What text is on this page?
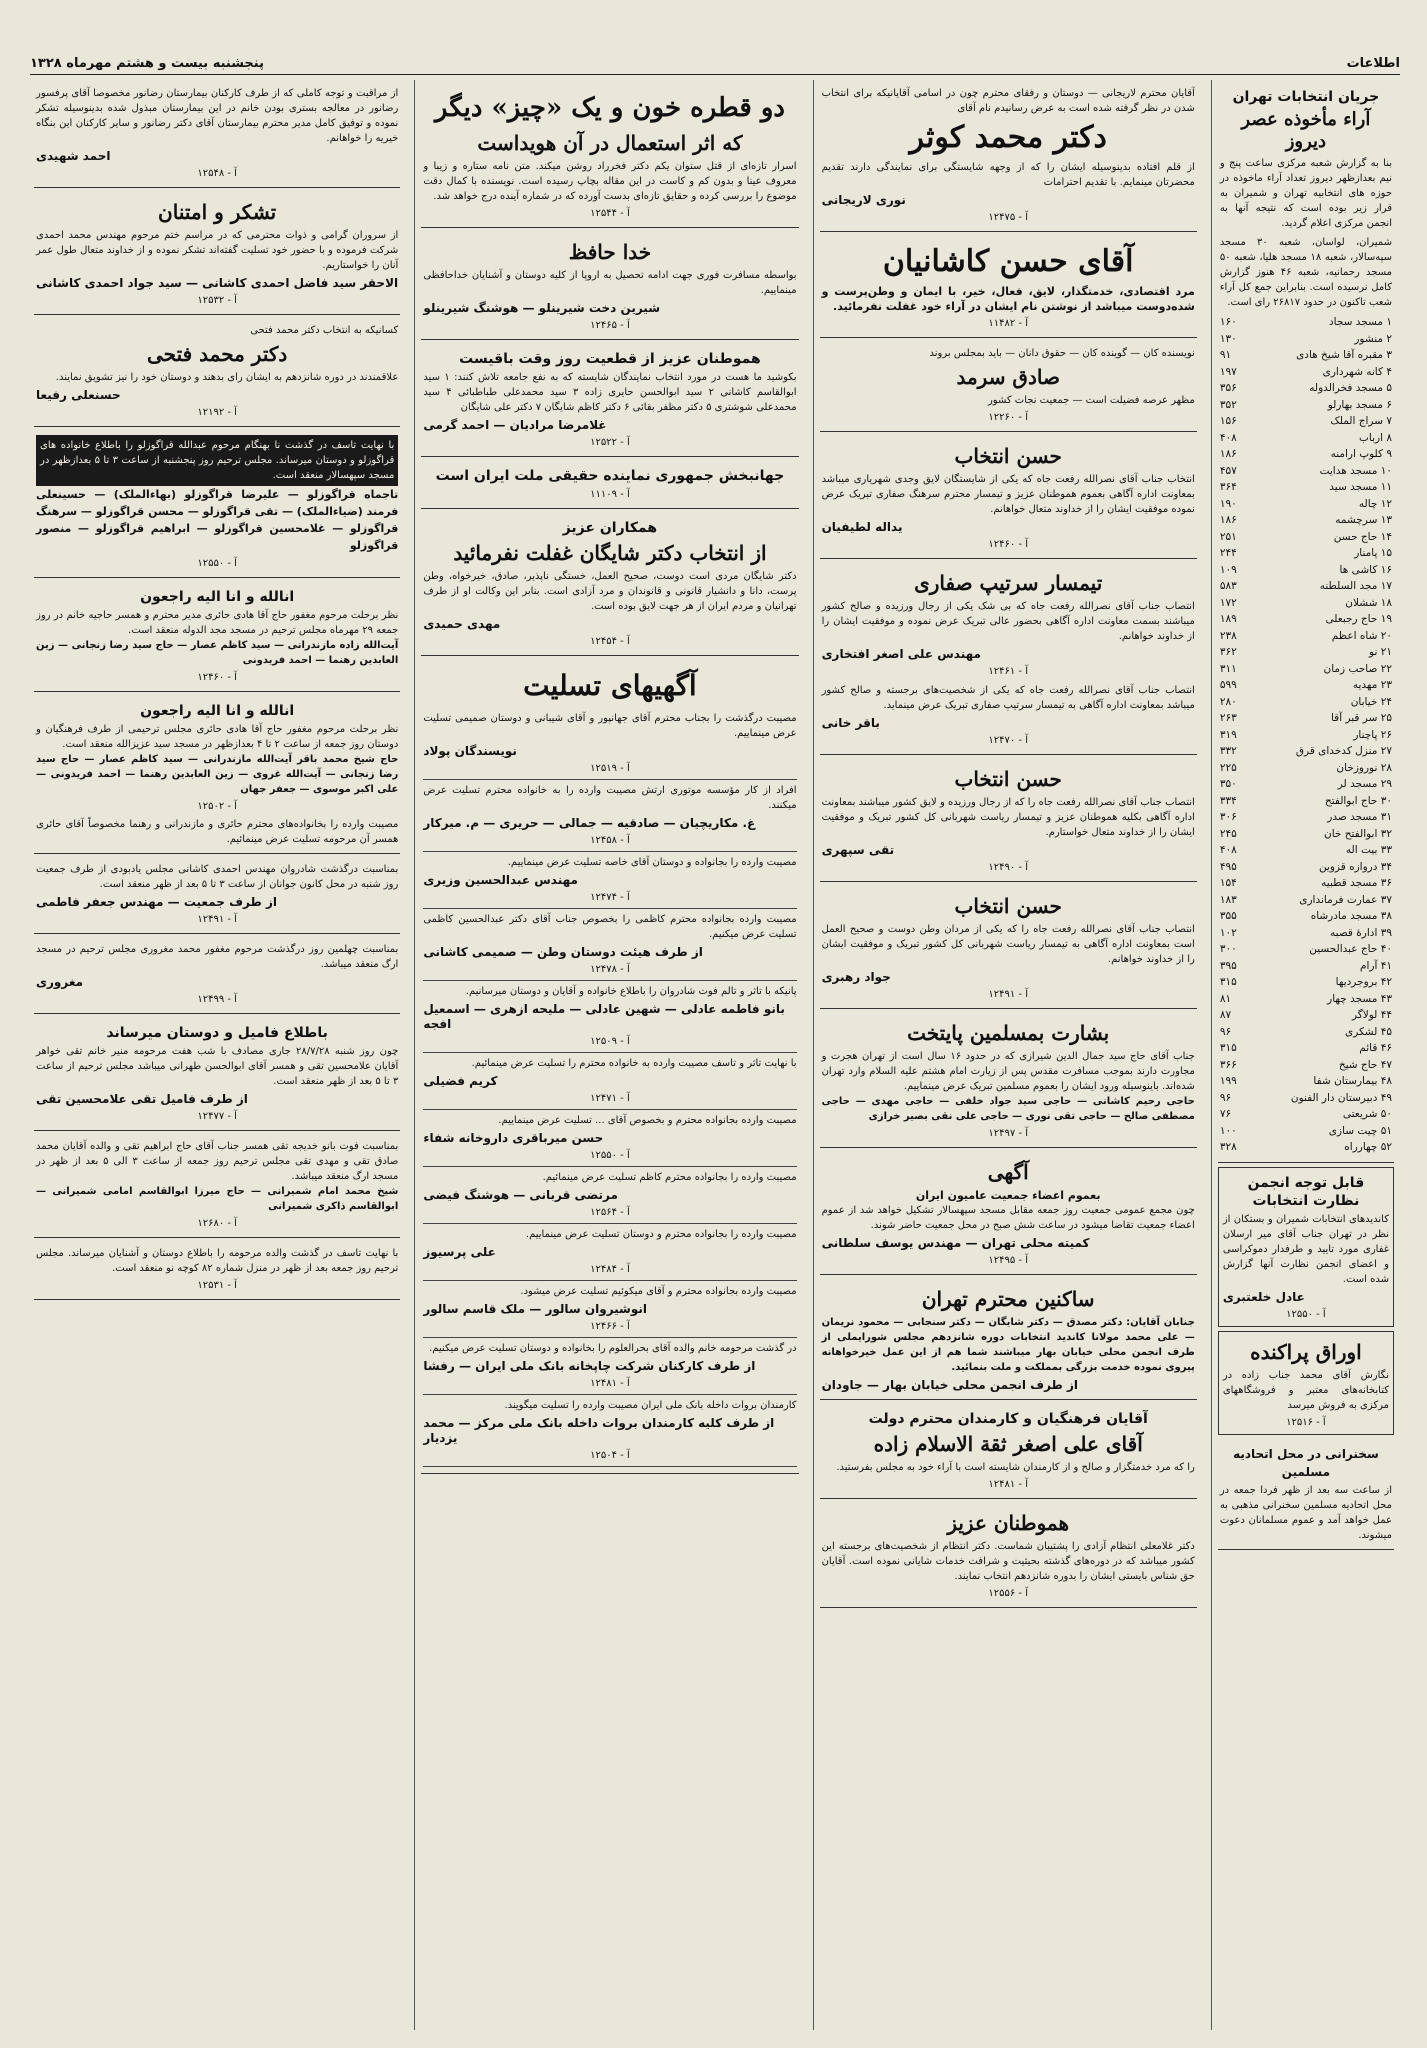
اطلاعات
پنجشنبه بیست و هشتم مهرماه ۱۳۲۸
جریان انتخابات تهران
آراء مأخوذه عصر دیروز
بنا به گزارش شعبه مرکزی ساعت پنج و نیم بعدازظهر دیروز تعداد آراء ماخوذه در حوزه های انتخابیه تهران و شمیران به قرار زیر بوده است که نتیجه آنها به انجمن مرکزی اعلام گردید.
شمیران، لواسان، شعبه ۳۰ مسجد سپه‌سالار، شعبه ۱۸ مسجد هلیا، شعبه ۵۰ مسجد رحمانیه، شعبه ۴۶ هنوز گزارش کامل نرسیده است. بنابراین جمع کل آراء شعب تاکنون در حدود ۲۶۸۱۷ رای است.
۱ مسجد سجاد
۱۶۰
۲ منشور
۱۳۰
۳ مقبره آقا شیخ هادی
۹۱
۴ کانه شهرداری
۱۹۷
۵ مسجد فخرالدوله
۳۵۶
۶ مسجد بهارلو
۳۵۲
۷ سراج الملک
۱۵۶
۸ ارباب
۴۰۸
۹ کلوپ ارامنه
۱۸۶
۱۰ مسجد هدایت
۴۵۷
۱۱ مسجد سید
۳۶۴
۱۲ چاله
۱۹۰
۱۳ سرچشمه
۱۸۶
۱۴ حاج حسن
۲۵۱
۱۵ پامنار
۲۴۴
۱۶ کاشی ها
۱۰۹
۱۷ مجد السلطنه
۵۸۳
۱۸ ششلان
۱۷۲
۱۹ حاج رجبعلی
۱۸۹
۲۰ شاه اعظم
۲۳۸
۲۱ نو
۳۶۲
۲۲ صاحب زمان
۳۱۱
۲۳ مهدیه
۵۹۹
۲۴ خیابان
۲۸۰
۲۵ سر قبر آقا
۲۶۳
۲۶ پاچنار
۳۱۹
۲۷ منزل کدخدای قرق
۳۳۲
۲۸ نوروزخان
۲۲۵
۲۹ مسجد لر
۳۵۰
۳۰ حاج ابوالفتح
۳۳۴
۳۱ مسجد صدر
۳۰۶
۳۲ ابوالفتح خان
۲۴۵
۳۳ بیت اله
۴۰۸
۳۴ دروازه قزوین
۴۹۵
۳۶ مسجد قطبیه
۱۵۴
۳۷ عمارت فرمانداری
۱۸۳
۳۸ مسجد مادرشاه
۳۵۵
۳۹ ادارۀ قصبه
۱۰۲
۴۰ حاج عبدالحسین
۳۰۰
۴۱ آرام
۳۹۵
۴۲ بروجردیها
۳۱۵
۴۳ مسجد چهار
۸۱
۴۴ لولاگر
۸۷
۴۵ لشکری
۹۶
۴۶ قائم
۳۱۵
۴۷ حاج شیخ
۳۶۶
۴۸ بیمارستان شفا
۱۹۹
۴۹ دبیرستان دار الفنون
۹۶
۵۰ شریعتی
۷۶
۵۱ چیت سازی
۱۰۰
۵۲ چهارراه
۳۲۸
قابل توجه انجمن نظارت انتخابات
کاندیدهای انتخابات شمیران و بستکان از نظر در تهران جناب آقای میر ارسلان غفاری مورد تایید و طرفدار دموکراسی و اعضای انجمن نظارت آنها گزارش شده است.
عادل خلعتبری
آ - ۱۲۵۵۰
اوراق پراکنده
نگارش آقای محمد جناب زاده در کتابخانه‌های معتبر و فروشگاههای مرکزی به فروش میرسد
آ - ۱۲۵۱۶
سخنرانی در محل اتحادیه مسلمین
از ساعت سه بعد از ظهر فردا جمعه در محل اتحادیه مسلمین سخنرانی مذهبی به عمل خواهد آمد و عموم مسلمانان دعوت میشوند.
آقایان محترم لاریجانی — دوستان و رفقای محترم چون در اسامی آقایانیکه برای انتخاب شدن در نظر گرفته شده است به عرض رسانیدم نام آقای
دکتر محمد کوثر
از قلم افتاده بدینوسیله ایشان را که از وجهه شایستگی برای نمایندگی دارند تقدیم محضرتان مینمایم. با تقدیم احترامات
نوری لاریجانی
آ - ۱۲۴۷۵
آقای حسن کاشانیان
مرد اقتصادی، خدمتگذار، لایق، فعال، خیر، با ایمان و وطن‌پرست و شده‌دوست میباشد از نوشتن نام ایشان در آراء خود غفلت نفرمائید.
آ - ۱۱۴۸۲
نویسنده کان — گوینده کان — حقوق دانان — باید بمجلس بروند
صادق سرمد
مظهر عرصه فضیلت است — جمعیت نجات کشور
آ - ۱۲۲۶۰
حسن انتخاب
انتخاب جناب آقای نصرالله رفعت جاه که یکی از شایستگان لایق وجدی شهریاری میباشد بمعاونت اداره آگاهی بعموم هموطنان عزیز و تیمسار محترم سرهنگ صفاری تبریک عرض نموده موفقیت ایشان را از خداوند متعال خواهانم.
یداله لطیفیان
آ - ۱۲۴۶۰
تیمسار سرتیپ صفاری
انتصاب جناب آقای نصرالله رفعت جاه که بی شک یکی از رجال ورزیده و صالح کشور میباشند بسمت معاونت اداره آگاهی بحضور عالی تبریک عرض نموده و موفقیت ایشان را از خداوند خواهانم.
مهندس علی اصغر افتخاری
آ - ۱۲۴۶۱
انتصاب جناب آقای نصرالله رفعت جاه که یکی از شخصیت‌های برجسته و صالح کشور میباشد بمعاونت اداره آگاهی به تیمسار سرتیپ صفاری تبریک عرض مینماید.
باقر خانی
آ - ۱۲۴۷۰
حسن انتخاب
انتصاب جناب آقای نصرالله رفعت جاه را که از رجال ورزیده و لایق کشور میباشند بمعاونت اداره آگاهی بکلیه هموطنان عزیز و تیمسار ریاست شهربانی کل کشور تبریک و موفقیت ایشان را از خداوند متعال خواستارم.
تقی سپهری
آ - ۱۲۴۹۰
حسن انتخاب
انتصاب جناب آقای نصرالله رفعت جاه را که یکی از مردان وطن دوست و صحیح العمل است بمعاونت اداره آگاهی به تیمسار ریاست شهربانی کل کشور تبریک و موفقیت ایشان را از خداوند خواهانم.
جواد رهبری
آ - ۱۲۴۹۱
بشارت بمسلمین پایتخت
جناب آقای حاج سید جمال الدین شیرازی که در حدود ۱۶ سال است از تهران هجرت و مجاورت دارند بموجب مسافرت مقدس پس از زیارت امام هشتم علیه السلام وارد تهران شده‌اند. باینوسیله ورود ایشان را بعموم مسلمین تبریک عرض مینماییم.
حاجی رحیم کاشانی — حاجی سید جواد خلفی — حاجی مهدی — حاجی مصطفی صالح — حاجی تقی نوری — حاجی علی نقی بصیر خرازی
آ - ۱۲۴۹۷
آگهی
بعموم اعضاء جمعیت عامیون ایران
چون مجمع عمومی جمعیت روز جمعه مقابل مسجد سپهسالار تشکیل خواهد شد از عموم اعضاء جمعیت تقاضا میشود در ساعت شش صبح در محل جمعیت حاضر شوند.
کمیته محلی تهران — مهندس یوسف سلطانی
آ - ۱۲۴۹۵
ساکنین محترم تهران
جنابان آقایان: دکتر مصدق — دکتر شایگان — دکتر سنجابی — محمود نریمان — علی محمد مولانا کاندید انتخابات دوره شانزدهم مجلس شورایملی از طرف انجمن محلی خیابان بهار میباشند شما هم از این عمل خیرخواهانه پیروی نموده خدمت بزرگی بمملکت و ملت بنمائید.
از طرف انجمن محلی خیابان بهار — جاودان
آقایان فرهنگیان و کارمندان محترم دولت
آقای علی اصغر ثقة الاسلام زاده
را که مرد خدمتگزار و صالح و از کارمندان شایسته است با آراء خود به مجلس بفرستید.
آ - ۱۲۴۸۱
هموطنان عزیز
دکتر غلامعلی انتظام آزادی را پشتیبان شماست. دکتر انتظام از شخصیت‌های برجسته این کشور میباشد که در دوره‌های گذشته بحیثیت و شرافت خدمات شایانی نموده است. آقایان حق شناس بایستی ایشان را بدوره شانزدهم انتخاب نمایند.
آ - ۱۲۵۵۶
دو قطره خون و یک «چیز» دیگر
که اثر استعمال در آن هویداست
اسرار تازه‌ای از قتل ستوان یکم دکتر فخرراد روشن میکند. متن نامه ستاره و زیبا و معروف عینا و بدون کم و کاست در این مقاله بچاپ رسیده است. نویسنده با کمال دقت موضوع را بررسی کرده و حقایق تازه‌ای بدست آورده که در شماره آینده درج خواهد شد.
آ - ۱۲۵۴۴
خدا حافظ
بواسطه مسافرت فوری جهت ادامه تحصیل به اروپا از کلیه دوستان و آشنایان خداحافظی مینماییم.
شیرین دخت شیرینلو — هوشنگ شیرینلو
آ - ۱۲۴۶۵
هموطنان عزیز از قطعیت روز وقت باقیست
بکوشید ما هست در مورد انتخاب نمایندگان شایسته که به نفع جامعه تلاش کنند: ۱ سید ابوالقاسم کاشانی ۲ سید ابوالحسن حایری زاده ۳ سید محمدعلی طباطبائی ۴ سید محمدعلی شوشتری ۵ دکتر مظفر بقائی ۶ دکتر کاظم شایگان ۷ دکتر علی شایگان
غلامرضا مرادیان — احمد گرمی
آ - ۱۲۵۲۲
جهانبخش جمهوری نماینده حقیقی ملت ایران است
آ - ۱۱۱۰۹
همکاران عزیز
از انتخاب دکتر شایگان غفلت نفرمائید
دکتر شایگان مردی است دوست، صحیح العمل، خستگی ناپذیر، صادق، خیرخواه، وطن پرست، دانا و دانشیار قانونی و قانوندان و مرد آزادی است. بنابر این وکالت او از طرف تهرانیان و مردم ایران از هر جهت لایق بوده است.
مهدی حمیدی
آ - ۱۲۴۵۴
آگهیهای تسلیت
مصیبت درگذشت را بجناب محترم آقای جهانپور و آقای شیبانی و دوستان صمیمی تسلیت عرض مینماییم.
نویسندگان پولاد
آ - ۱۲۵۱۹
افراد از کار مؤسسه موتوری ارتش مصیبت وارده را به خانواده محترم تسلیت عرض میکنند.
غ. مکاریچیان — صادقیه — جمالی — حریری — م. میرکار
آ - ۱۲۴۵۸
مصیبت وارده را بجانواده و دوستان آقای خاصه تسلیت عرض مینماییم.
مهندس عبدالحسین وزیری
آ - ۱۲۴۷۴
مصیبت وارده بجانواده محترم کاظمی را بخصوص جناب آقای دکتر عبدالحسین کاظمی تسلیت عرض میکنیم.
از طرف هیئت دوستان وطن — صمیمی کاشانی
آ - ۱۲۴۷۸
پانیکه با تاثر و تالم فوت شادروان را باطلاع خانواده و آقایان و دوستان میرسانیم.
بانو فاطمه عادلی — شهین عادلی — ملیحه ازهری — اسمعیل افجه
آ - ۱۲۵۰۹
با نهایت تاثر و تاسف مصیبت وارده به خانواده محترم را تسلیت عرض مینمائیم.
کریم فضیلی
آ - ۱۲۴۷۱
مصیبت وارده بجانواده محترم و بخصوص آقای ... تسلیت عرض مینماییم.
حسن میرباقری داروخانه شفاء
آ - ۱۲۵۵۰
مصیبت وارده را بجانواده محترم کاظم تسلیت عرض مینمائیم.
مرتضی قربانی — هوشنگ فیضی
آ - ۱۲۵۶۴
مصیبت وارده را بجانواده محترم و دوستان تسلیت عرض مینماییم.
علی پرسیوز
آ - ۱۲۴۸۴
مصیبت وارده بجانواده محترم و آقای میکوئیم تسلیت عرض میشود.
انوشیروان سالور — ملک قاسم سالور
آ - ۱۲۴۶۶
در گذشت مرحومه خانم والده آقای بحرالعلوم را بخانواده و دوستان تسلیت عرض میکنیم.
از طرف کارکنان شرکت چاپخانه بانک ملی ایران — رفشا
آ - ۱۲۴۸۱
کارمندان بروات داخله بانک ملی ایران مصیبت وارده را تسلیت میگویند.
از طرف کلیه کارمندان بروات داخله بانک ملی مرکز — محمد یزدیار
آ - ۱۲۵۰۴
از مراقبت و توجه کاملی که از طرف کارکنان بیمارستان رضانور مخصوصا آقای پرفسور رضانور در معالجه بستری بودن خانم در این بیمارستان مبذول شده بدینوسیله تشکر نموده و توفیق کامل مدیر محترم بیمارستان آقای دکتر رضانور و سایر کارکنان این بنگاه خیریه را خواهانم.
احمد شهیدی
آ - ۱۲۵۴۸
تشکر و امتنان
از سروران گرامی و ذوات محترمی که در مراسم ختم مرحوم مهندس محمد احمدی شرکت فرموده و با حضور خود تسلیت گفته‌اند تشکر نموده و از خداوند متعال طول عمر آنان را خواستاریم.
الاحقر سید فاضل احمدی کاشانی — سید جواد احمدی کاشانی
آ - ۱۲۵۳۲
کسانیکه به انتخاب دکتر محمد فتحی
دکتر محمد فتحی
علاقمندند در دوره شانزدهم به ایشان رای بدهند و دوستان خود را نیز تشویق نمایند.
حسنعلی رفیعا
آ - ۱۲۱۹۲
با نهایت تاسف در گذشت نا بهنگام مرحوم عبدالله قراگوزلو را باطلاع خانواده های قراگوزلو و دوستان میرساند. مجلس ترحیم روز پنجشنبه از ساعت ۳ تا ۵ بعدازظهر در مسجد سپهسالار منعقد است.
تاجماه قراگوزلو — علیرضا قراگوزلو (بهاءالملک) — حسینعلی فرمند (ضیاءالملک) — تقی قراگوزلو — محسن قراگوزلو — سرهنگ قراگوزلو — غلامحسین قراگوزلو — ابراهیم قراگوزلو — منصور قراگوزلو
آ - ۱۲۵۵۰
انالله و انا الیه راجعون
نظر برحلت مرحوم مغفور حاج آقا هادی حائری مدیر محترم و همسر حاجیه خانم در روز جمعه ۲۹ مهرماه مجلس ترحیم در مسجد مجد الدوله منعقد است.
آیت‌الله زاده مازندرانی — سید کاظم عصار — حاج سید رضا زنجانی — زین العابدین رهنما — احمد فریدونی
آ - ۱۲۴۶۰
انالله و انا الیه راجعون
نظر برحلت مرحوم مغفور حاج آقا هادی حائری مجلس ترحیمی از طرف فرهنگیان و دوستان روز جمعه از ساعت ۲ تا ۴ بعدازظهر در مسجد سید عزیزالله منعقد است.
حاج شیخ محمد باقر آیت‌الله مازندرانی — سید کاظم عصار — حاج سید رضا زنجانی — آیت‌الله غروی — زین العابدین رهنما — احمد فریدونی — علی اکبر موسوی — جعفر جهان
آ - ۱۲۵۰۲
مصیبت وارده را بخانواده‌های محترم حائری و مازندرانی و رهنما مخصوصاً آقای حائری همسر آن مرحومه تسلیت عرض مینمائیم.
بمناسبت درگذشت شادروان مهندس احمدی کاشانی مجلس یادبودی از طرف جمعیت روز شنبه در محل کانون جوانان از ساعت ۳ تا ۵ بعد از ظهر منعقد است.
از طرف جمعیت — مهندس جعفر فاطمی
آ - ۱۲۴۹۱
بمناسبت چهلمین روز درگذشت مرحوم مغفور محمد مغروری مجلس ترحیم در مسجد ارگ منعقد میباشد.
مغروری
آ - ۱۲۴۹۹
باطلاع فامیل و دوستان میرساند
چون روز شنبه ۲۸/۷/۲۸ جاری مصادف با شب هفت مرحومه منیر خانم تقی خواهر آقایان علامحسین تقی و همسر آقای ابوالحسن طهرانی میباشد مجلس ترحیم از ساعت ۳ تا ۵ بعد از ظهر منعقد است.
از طرف فامیل تقی علامحسین تقی
آ - ۱۲۴۷۷
بمناسبت فوت بانو خدیجه تقی همسر جناب آقای حاج ابراهیم تقی و والده آقایان محمد صادق تقی و مهدی تقی مجلس ترحیم روز جمعه از ساعت ۳ الی ۵ بعد از ظهر در مسجد ارگ منعقد میباشد.
شیخ محمد امام شمیرانی — حاج میرزا ابوالقاسم امامی شمیرانی — ابوالقاسم ذاکری شمیرانی
آ - ۱۲۶۸۰
با نهایت تاسف در گذشت والده مرحومه را باطلاع دوستان و آشنایان میرساند. مجلس ترحیم روز جمعه بعد از ظهر در منزل شماره ۸۲ کوچه نو منعقد است.
آ - ۱۲۵۳۱
